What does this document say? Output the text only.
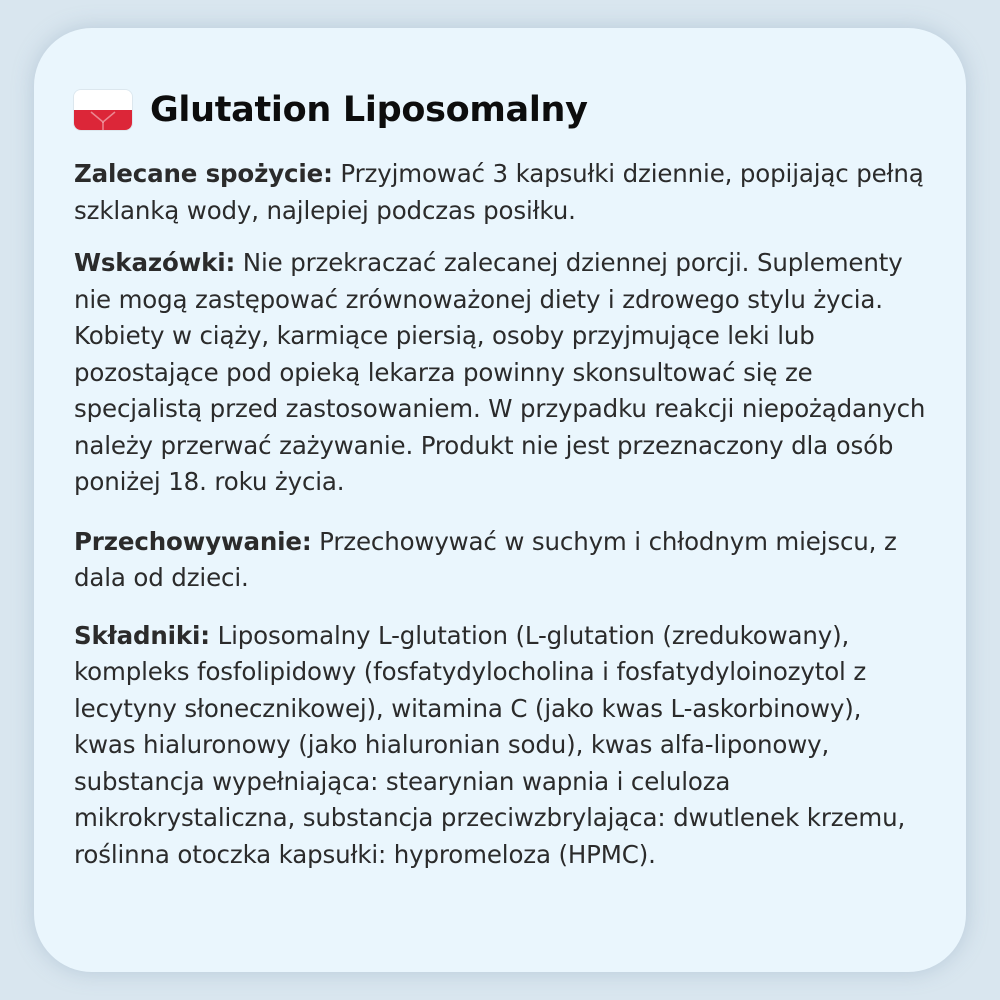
Glutation Liposomalny

Zalecane spożycie: Przyjmować 3 kapsułki dziennie, popijając pełną szklanką wody, najlepiej podczas posiłku.

Wskazówki: Nie przekraczać zalecanej dziennej porcji. Suplementy nie mogą zastępować zrównoważonej diety i zdrowego stylu życia. Kobiety w ciąży, karmiące piersią, osoby przyjmujące leki lub pozostające pod opieką lekarza powinny skonsultować się ze specjalistą przed zastosowaniem. W przypadku reakcji niepożądanych należy przerwać zażywanie. Produkt nie jest przeznaczony dla osób poniżej 18. roku życia.

Przechowywanie: Przechowywać w suchym i chłodnym miejscu, z dala od dzieci.

Składniki: Liposomalny L-glutation (L-glutation (zredukowany), kompleks fosfolipidowy (fosfatydylocholina i fosfatydyloinozytol z lecytyny słonecznikowej), witamina C (jako kwas L-askorbinowy), kwas hialuronowy (jako hialuronian sodu), kwas alfa-liponowy, substancja wypełniająca: stearynian wapnia i celuloza mikrokrystaliczna, substancja przeciwzbrylająca: dwutlenek krzemu, roślinna otoczka kapsułki: hypromeloza (HPMC).
